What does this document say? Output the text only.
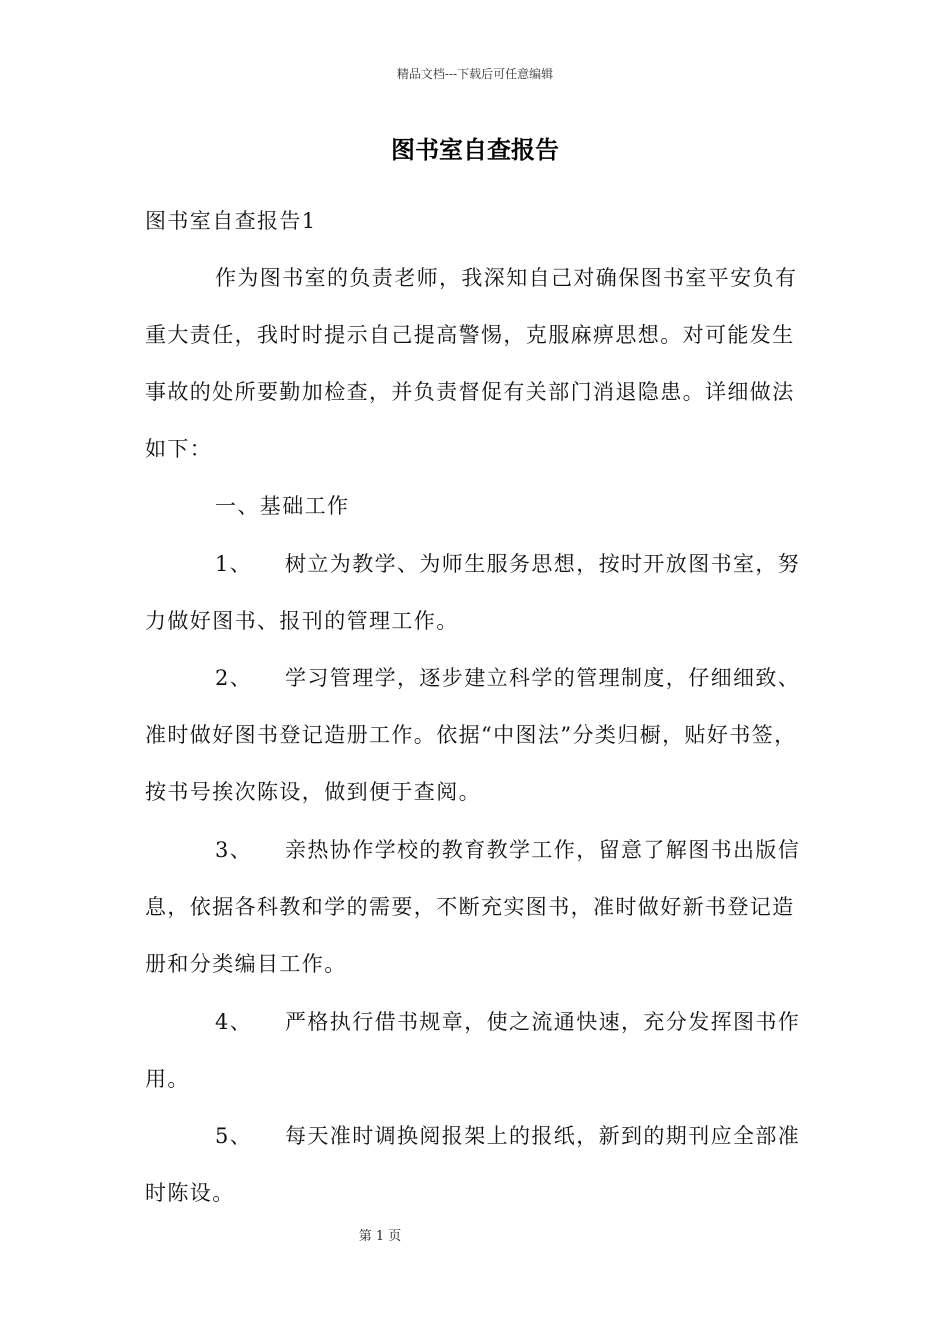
精品文档---下载后可任意编辑
图书室自查报告
图书室自查报告1
作为图书室的负责老师，我深知自己对确保图书室平安负有
重大责任，我时时提示自己提高警惕，克服麻痹思想。对可能发生
事故的处所要勤加检查，并负责督促有关部门消退隐患。详细做法
如下：
一、基础工作
1、 树立为教学、为师生服务思想，按时开放图书室，努
力做好图书、报刊的管理工作。
2、 学习管理学，逐步建立科学的管理制度，仔细细致、
准时做好图书登记造册工作。依据“中图法”分类归橱，贴好书签，
按书号挨次陈设，做到便于查阅。
3、 亲热协作学校的教育教学工作，留意了解图书出版信
息，依据各科教和学的需要，不断充实图书，准时做好新书登记造
册和分类编目工作。
4、 严格执行借书规章，使之流通快速，充分发挥图书作
用。
5、 每天准时调换阅报架上的报纸，新到的期刊应全部准
时陈设。
第 1 页
